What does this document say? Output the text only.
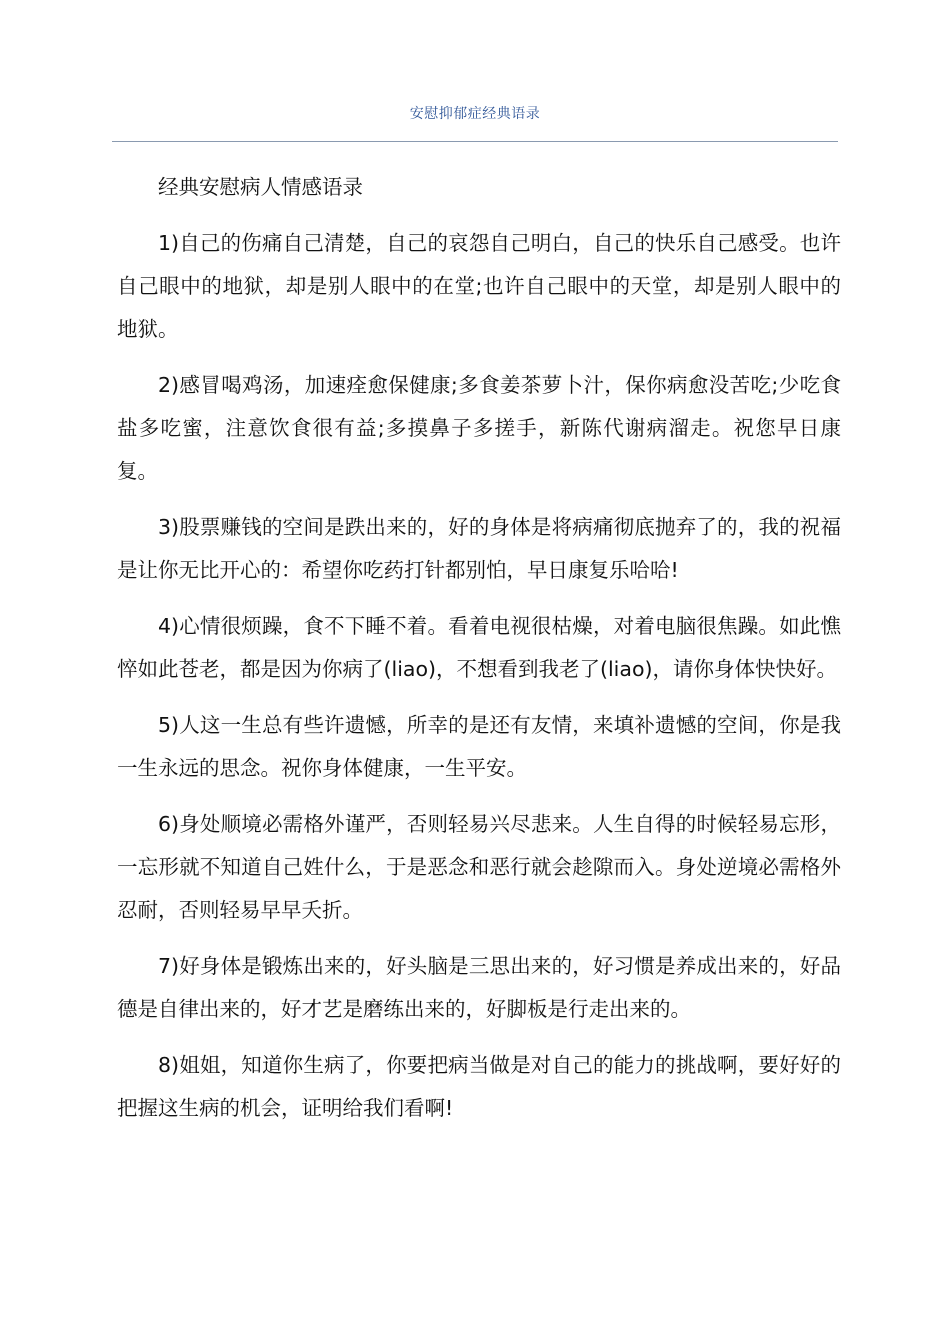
安慰抑郁症经典语录

经典安慰病人情感语录

1)自己的伤痛自己清楚，自己的哀怨自己明白，自己的快乐自己感受。也许自己眼中的地狱，却是别人眼中的在堂;也许自己眼中的天堂，却是别人眼中的地狱。

2)感冒喝鸡汤，加速痊愈保健康;多食姜茶萝卜汁，保你病愈没苦吃;少吃食盐多吃蜜，注意饮食很有益;多摸鼻子多搓手，新陈代谢病溜走。祝您早日康复。

3)股票赚钱的空间是跌出来的，好的身体是将病痛彻底抛弃了的，我的祝福是让你无比开心的：希望你吃药打针都别怕，早日康复乐哈哈!

4)心情很烦躁，食不下睡不着。看着电视很枯燥，对着电脑很焦躁。如此憔悴如此苍老，都是因为你病了(liao)，不想看到我老了(liao)，请你身体快快好。

5)人这一生总有些许遗憾，所幸的是还有友情，来填补遗憾的空间，你是我一生永远的思念。祝你身体健康，一生平安。

6)身处顺境必需格外谨严，否则轻易兴尽悲来。人生自得的时候轻易忘形，一忘形就不知道自己姓什么，于是恶念和恶行就会趁隙而入。身处逆境必需格外忍耐，否则轻易早早夭折。

7)好身体是锻炼出来的，好头脑是三思出来的，好习惯是养成出来的，好品德是自律出来的，好才艺是磨练出来的，好脚板是行走出来的。

8)姐姐，知道你生病了，你要把病当做是对自己的能力的挑战啊，要好好的把握这生病的机会，证明给我们看啊!
